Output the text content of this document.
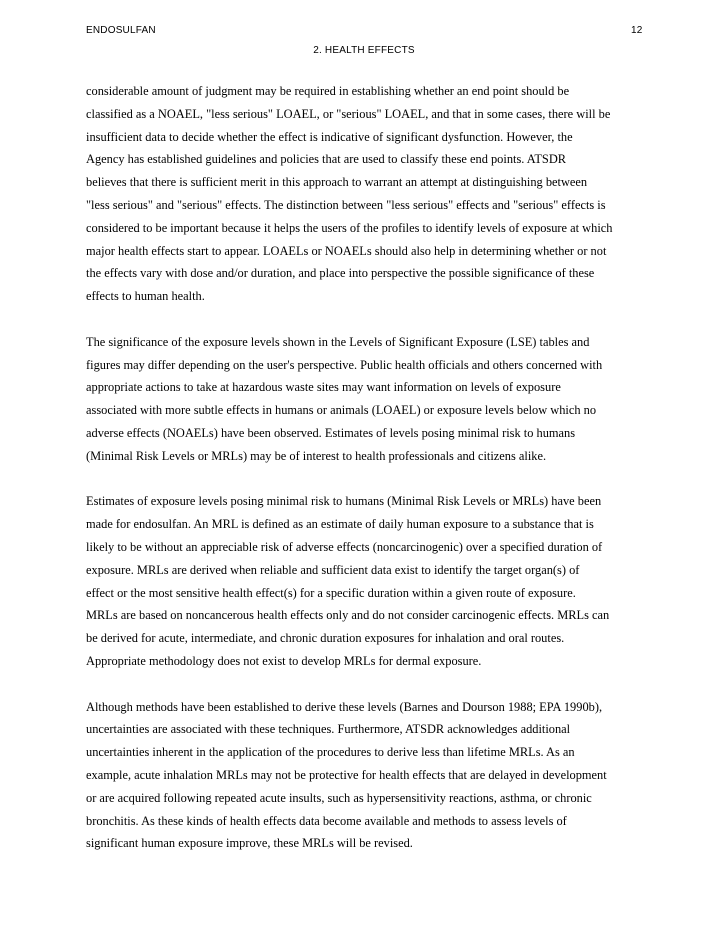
ENDOSULFAN	12
2. HEALTH EFFECTS
considerable amount of judgment may be required in establishing whether an end point should be
classified as a NOAEL, "less serious" LOAEL, or "serious" LOAEL, and that in some cases, there will be
insufficient data to decide whether the effect is indicative of significant dysfunction. However, the
Agency has established guidelines and policies that are used to classify these end points. ATSDR
believes that there is sufficient merit in this approach to warrant an attempt at distinguishing between
"less serious" and "serious" effects. The distinction between "less serious" effects and "serious" effects is
considered to be important because it helps the users of the profiles to identify levels of exposure at which
major health effects start to appear. LOAELs or NOAELs should also help in determining whether or not
the effects vary with dose and/or duration, and place into perspective the possible significance of these
effects to human health.
The significance of the exposure levels shown in the Levels of Significant Exposure (LSE) tables and
figures may differ depending on the user's perspective. Public health officials and others concerned with
appropriate actions to take at hazardous waste sites may want information on levels of exposure
associated with more subtle effects in humans or animals (LOAEL) or exposure levels below which no
adverse effects (NOAELs) have been observed. Estimates of levels posing minimal risk to humans
(Minimal Risk Levels or MRLs) may be of interest to health professionals and citizens alike.
Estimates of exposure levels posing minimal risk to humans (Minimal Risk Levels or MRLs) have been
made for endosulfan. An MRL is defined as an estimate of daily human exposure to a substance that is
likely to be without an appreciable risk of adverse effects (noncarcinogenic) over a specified duration of
exposure. MRLs are derived when reliable and sufficient data exist to identify the target organ(s) of
effect or the most sensitive health effect(s) for a specific duration within a given route of exposure.
MRLs are based on noncancerous health effects only and do not consider carcinogenic effects. MRLs can
be derived for acute, intermediate, and chronic duration exposures for inhalation and oral routes.
Appropriate methodology does not exist to develop MRLs for dermal exposure.
Although methods have been established to derive these levels (Barnes and Dourson 1988; EPA 1990b),
uncertainties are associated with these techniques. Furthermore, ATSDR acknowledges additional
uncertainties inherent in the application of the procedures to derive less than lifetime MRLs. As an
example, acute inhalation MRLs may not be protective for health effects that are delayed in development
or are acquired following repeated acute insults, such as hypersensitivity reactions, asthma, or chronic
bronchitis. As these kinds of health effects data become available and methods to assess levels of
significant human exposure improve, these MRLs will be revised.
